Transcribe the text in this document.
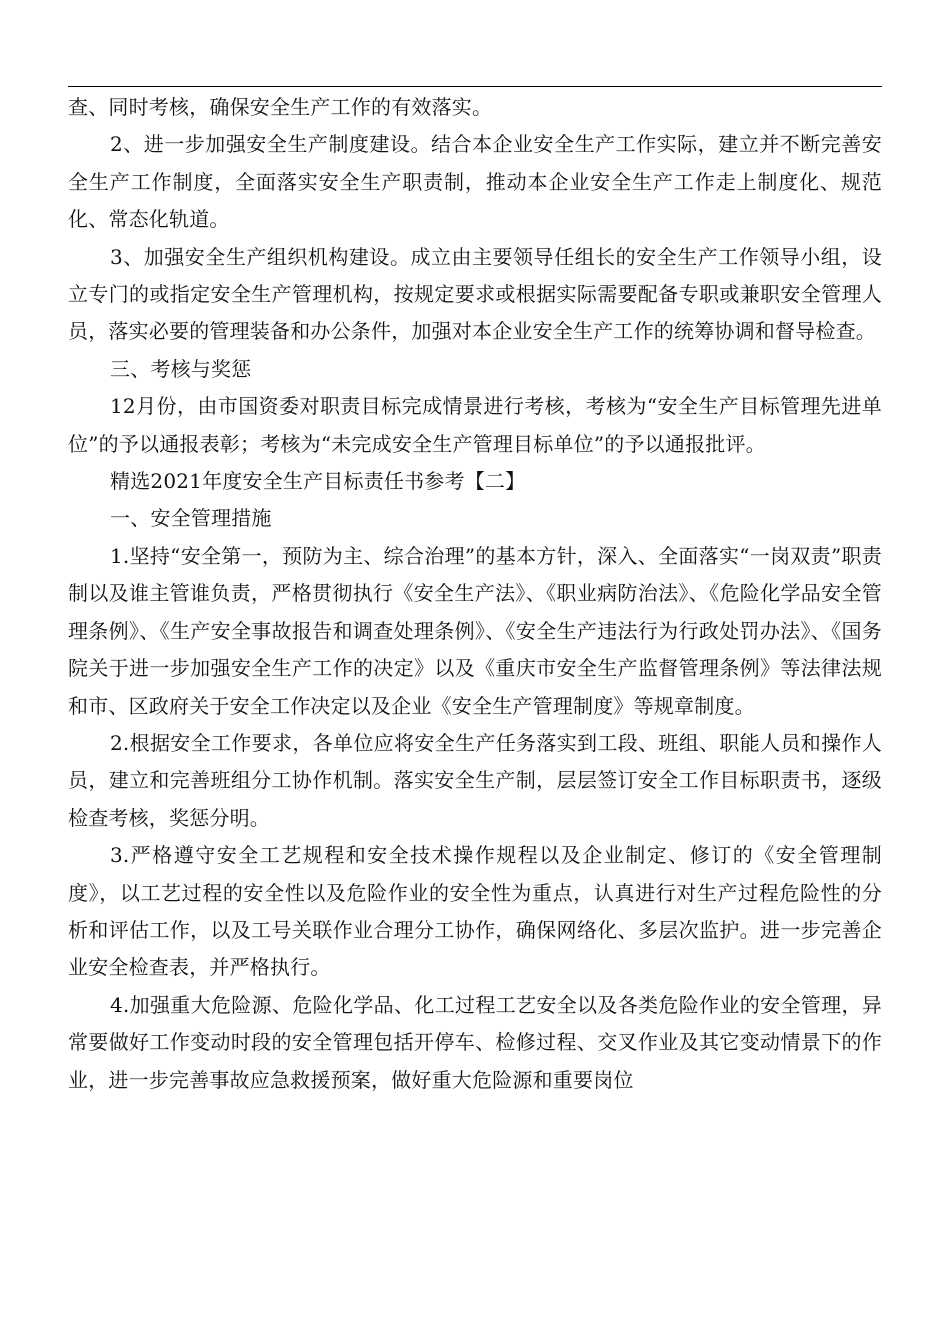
查、同时考核，确保安全生产工作的有效落实。

2、进一步加强安全生产制度建设。结合本企业安全生产工作实际，建立并不断完善安全生产工作制度，全面落实安全生产职责制，推动本企业安全生产工作走上制度化、规范化、常态化轨道。

3、加强安全生产组织机构建设。成立由主要领导任组长的安全生产工作领导小组，设立专门的或指定安全生产管理机构，按规定要求或根据实际需要配备专职或兼职安全管理人员，落实必要的管理装备和办公条件，加强对本企业安全生产工作的统筹协调和督导检查。

三、考核与奖惩

12月份，由市国资委对职责目标完成情景进行考核，考核为“安全生产目标管理先进单位”的予以通报表彰；考核为“未完成安全生产管理目标单位”的予以通报批评。

精选2021年度安全生产目标责任书参考【二】

一、安全管理措施

1.坚持“安全第一，预防为主、综合治理”的基本方针，深入、全面落实“一岗双责”职责制以及谁主管谁负责，严格贯彻执行《安全生产法》、《职业病防治法》、《危险化学品安全管理条例》、《生产安全事故报告和调查处理条例》、《安全生产违法行为行政处罚办法》、《国务院关于进一步加强安全生产工作的决定》以及《重庆市安全生产监督管理条例》等法律法规和市、区政府关于安全工作决定以及企业《安全生产管理制度》等规章制度。

2.根据安全工作要求，各单位应将安全生产任务落实到工段、班组、职能人员和操作人员，建立和完善班组分工协作机制。落实安全生产制，层层签订安全工作目标职责书，逐级检查考核，奖惩分明。

3.严格遵守安全工艺规程和安全技术操作规程以及企业制定、修订的《安全管理制度》，以工艺过程的安全性以及危险作业的安全性为重点，认真进行对生产过程危险性的分析和评估工作，以及工号关联作业合理分工协作，确保网络化、多层次监护。进一步完善企业安全检查表，并严格执行。

4.加强重大危险源、危险化学品、化工过程工艺安全以及各类危险作业的安全管理，异常要做好工作变动时段的安全管理包括开停车、检修过程、交叉作业及其它变动情景下的作业，进一步完善事故应急救援预案，做好重大危险源和重要岗位
